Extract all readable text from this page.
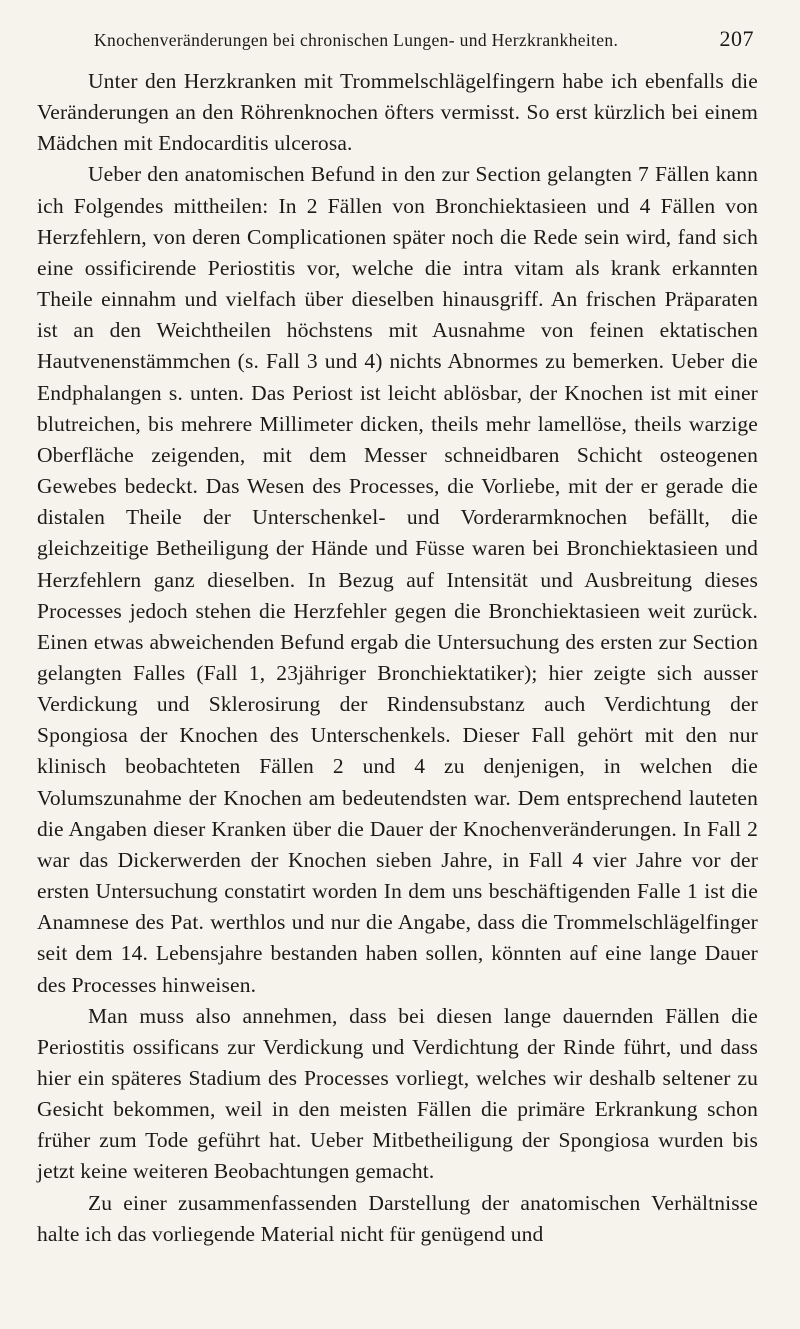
Knochenveränderungen bei chronischen Lungen- und Herzkrankheiten.	207

Unter den Herzkranken mit Trommelschlägelfingern habe ich ebenfalls die Veränderungen an den Röhrenknochen öfters vermisst. So erst kürzlich bei einem Mädchen mit Endocarditis ulcerosa.

Ueber den anatomischen Befund in den zur Section gelangten 7 Fällen kann ich Folgendes mittheilen: In 2 Fällen von Bronchiektasieen und 4 Fällen von Herzfehlern, von deren Complicationen später noch die Rede sein wird, fand sich eine ossificirende Periostitis vor, welche die intra vitam als krank erkannten Theile einnahm und vielfach über dieselben hinausgriff. An frischen Präparaten ist an den Weichtheilen höchstens mit Ausnahme von feinen ektatischen Hautvenenstämmchen (s. Fall 3 und 4) nichts Abnormes zu bemerken. Ueber die Endphalangen s. unten. Das Periost ist leicht ablösbar, der Knochen ist mit einer blutreichen, bis mehrere Millimeter dicken, theils mehr lamellöse, theils warzige Oberfläche zeigenden, mit dem Messer schneidbaren Schicht osteogenen Gewebes bedeckt. Das Wesen des Processes, die Vorliebe, mit der er gerade die distalen Theile der Unterschenkel- und Vorderarmknochen befällt, die gleichzeitige Betheiligung der Hände und Füsse waren bei Bronchiektasieen und Herzfehlern ganz dieselben. In Bezug auf Intensität und Ausbreitung dieses Processes jedoch stehen die Herzfehler gegen die Bronchiektasieen weit zurück. Einen etwas abweichenden Befund ergab die Untersuchung des ersten zur Section gelangten Falles (Fall 1, 23jähriger Bronchiektatiker); hier zeigte sich ausser Verdickung und Sklerosirung der Rindensubstanz auch Verdichtung der Spongiosa der Knochen des Unterschenkels. Dieser Fall gehört mit den nur klinisch beobachteten Fällen 2 und 4 zu denjenigen, in welchen die Volumszunahme der Knochen am bedeutendsten war. Dem entsprechend lauteten die Angaben dieser Kranken über die Dauer der Knochenveränderungen. In Fall 2 war das Dickerwerden der Knochen sieben Jahre, in Fall 4 vier Jahre vor der ersten Untersuchung constatirt worden In dem uns beschäftigenden Falle 1 ist die Anamnese des Pat. werthlos und nur die Angabe, dass die Trommelschlägelfinger seit dem 14. Lebensjahre bestanden haben sollen, könnten auf eine lange Dauer des Processes hinweisen.

Man muss also annehmen, dass bei diesen lange dauernden Fällen die Periostitis ossificans zur Verdickung und Verdichtung der Rinde führt, und dass hier ein späteres Stadium des Processes vorliegt, welches wir deshalb seltener zu Gesicht bekommen, weil in den meisten Fällen die primäre Erkrankung schon früher zum Tode geführt hat. Ueber Mitbetheiligung der Spongiosa wurden bis jetzt keine weiteren Beobachtungen gemacht.

Zu einer zusammenfassenden Darstellung der anatomischen Verhältnisse halte ich das vorliegende Material nicht für genügend und
